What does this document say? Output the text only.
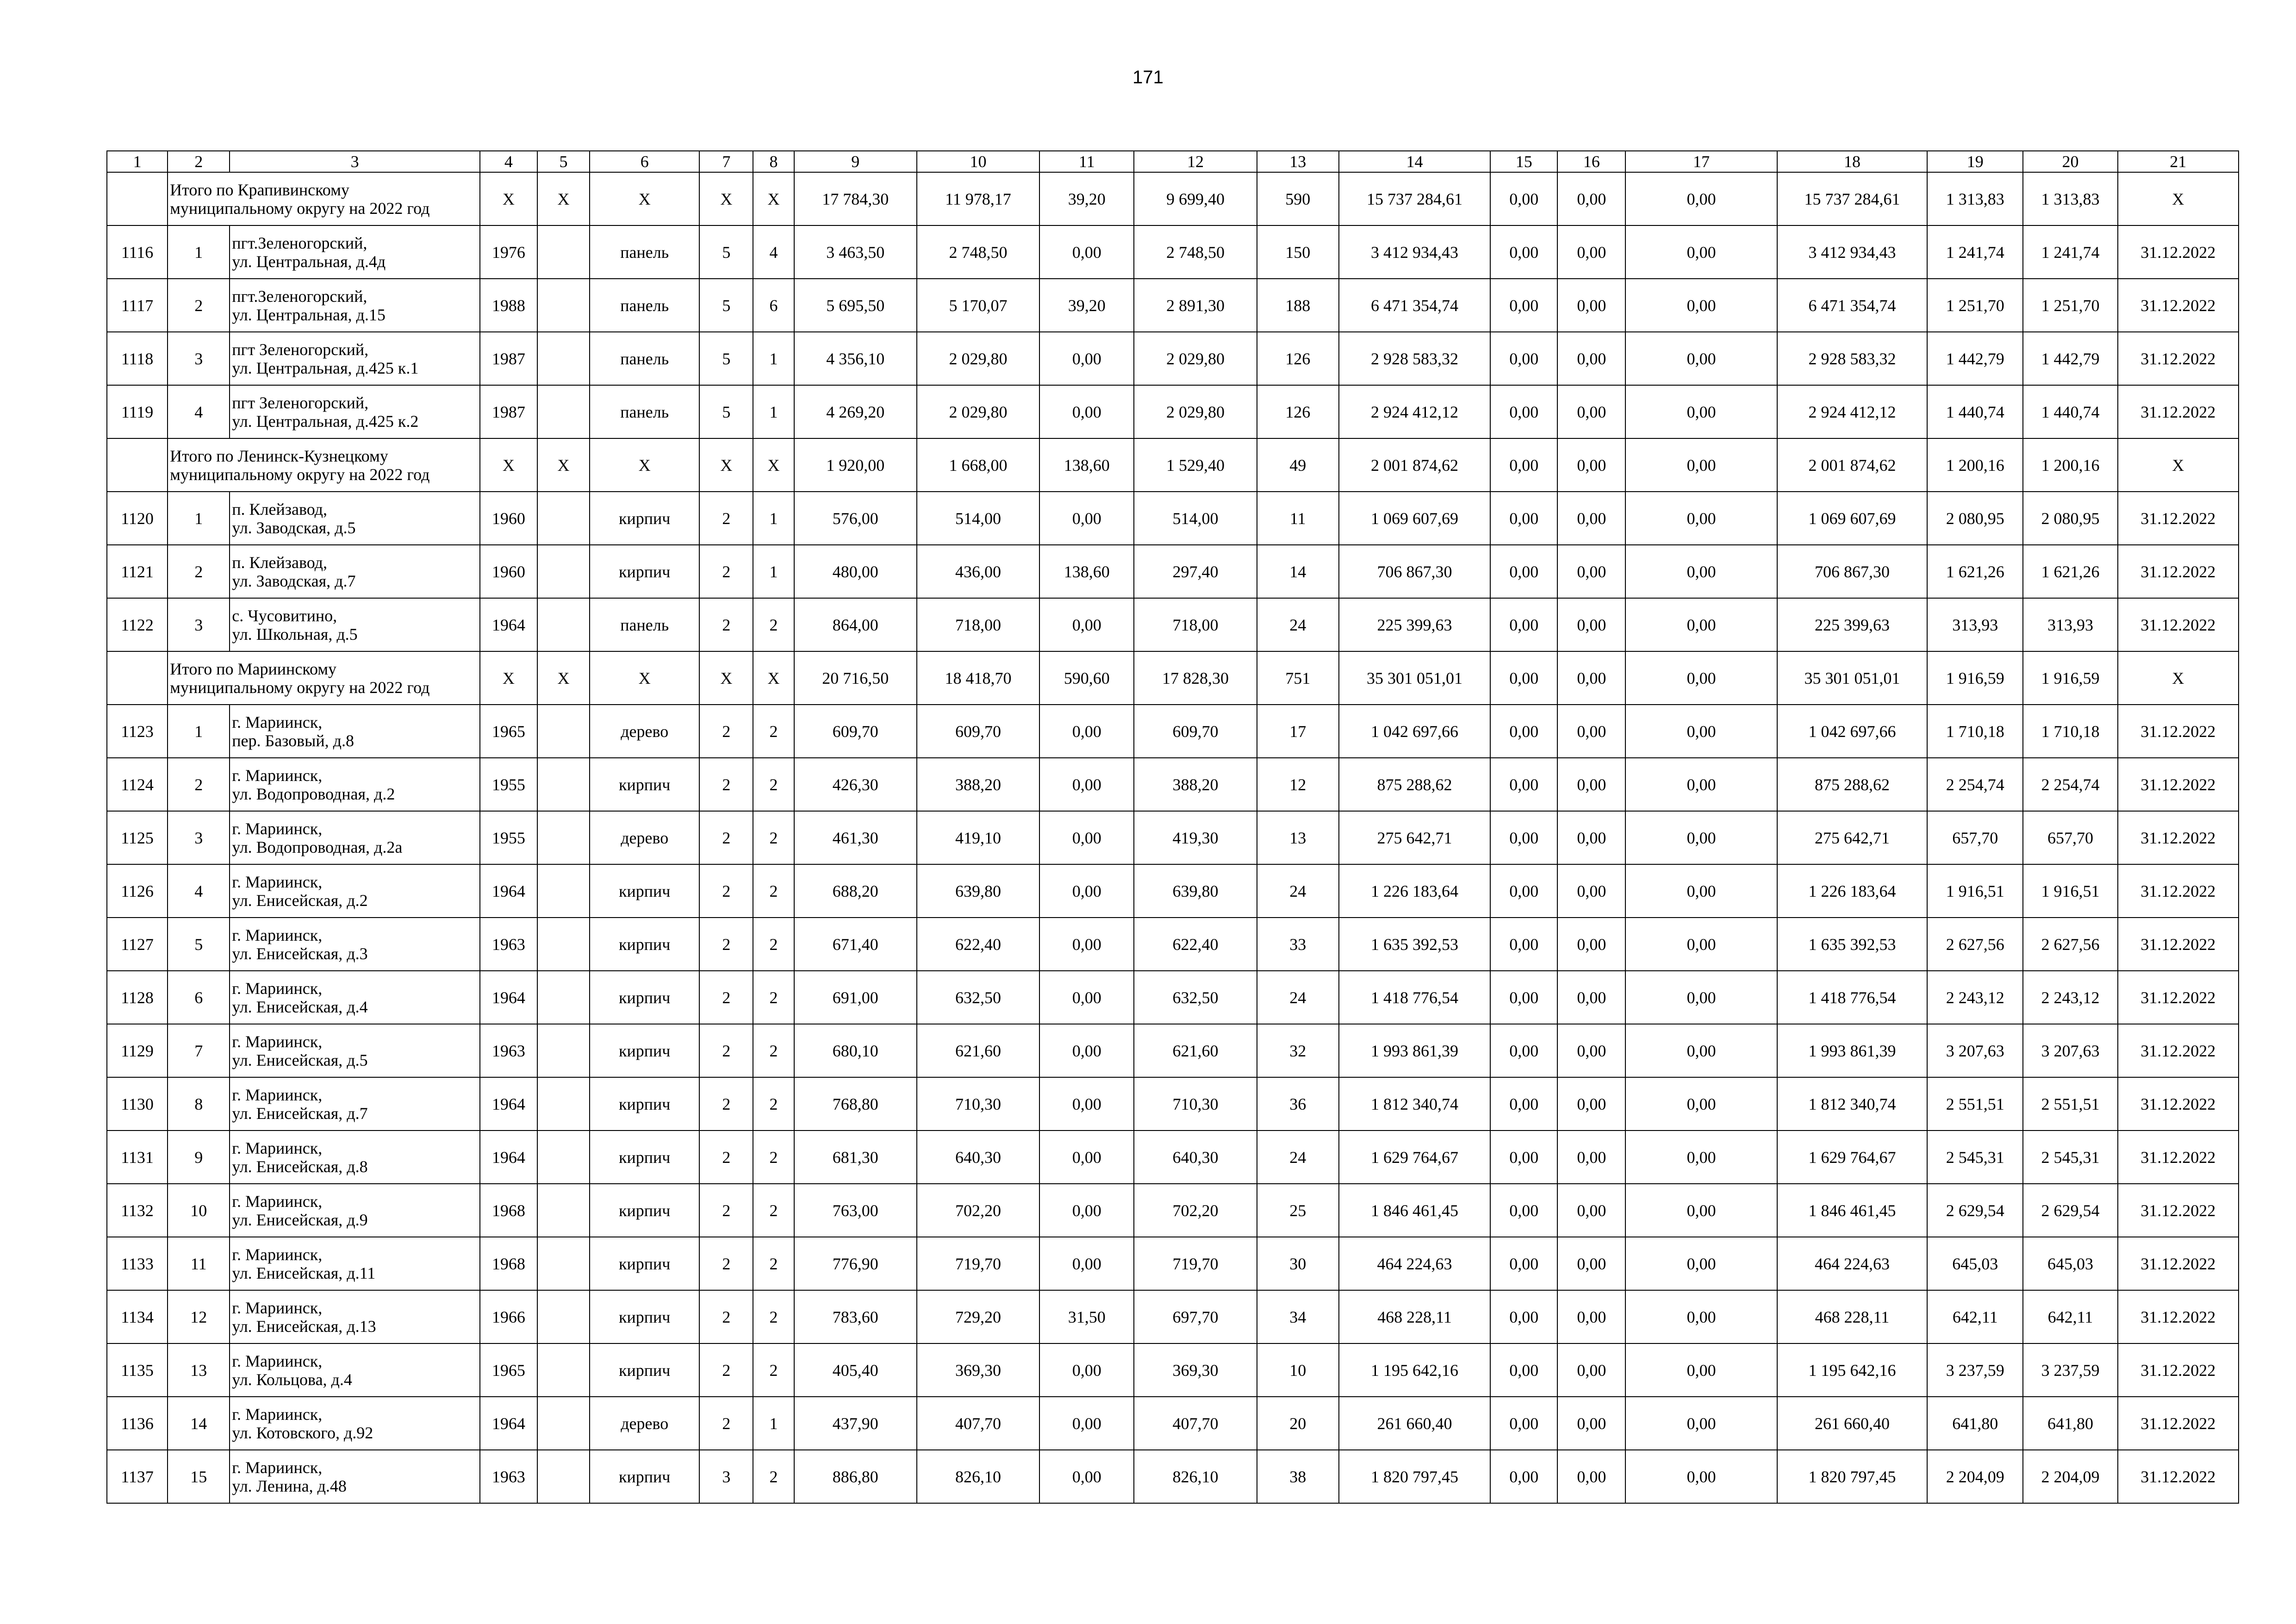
171
1	2	3	4	5	6	7	8	9	10	11	12	13	14	15	16	17	18	19	20	21

	Итого по Крапивинскому
муниципальному округу на 2022 год		X	X	X	X	X	17 784,30	11 978,17	39,20	9 699,40	590	15 737 284,61	0,00	0,00	0,00	15 737 284,61	1 313,83	1 313,83	X
1116	1	пгт.Зеленогорский,
ул. Центральная, д.4д	1976		панель	5	4	3 463,50	2 748,50	0,00	2 748,50	150	3 412 934,43	0,00	0,00	0,00	3 412 934,43	1 241,74	1 241,74	31.12.2022
1117	2	пгт.Зеленогорский,
ул. Центральная, д.15	1988		панель	5	6	5 695,50	5 170,07	39,20	2 891,30	188	6 471 354,74	0,00	0,00	0,00	6 471 354,74	1 251,70	1 251,70	31.12.2022
1118	3	пгт Зеленогорский,
ул. Центральная, д.425 к.1	1987		панель	5	1	4 356,10	2 029,80	0,00	2 029,80	126	2 928 583,32	0,00	0,00	0,00	2 928 583,32	1 442,79	1 442,79	31.12.2022
1119	4	пгт Зеленогорский,
ул. Центральная, д.425 к.2	1987		панель	5	1	4 269,20	2 029,80	0,00	2 029,80	126	2 924 412,12	0,00	0,00	0,00	2 924 412,12	1 440,74	1 440,74	31.12.2022

	Итого по Ленинск-Кузнецкому
муниципальному округу на 2022 год		X	X	X	X	X	1 920,00	1 668,00	138,60	1 529,40	49	2 001 874,62	0,00	0,00	0,00	2 001 874,62	1 200,16	1 200,16	X
1120	1	п. Клейзавод,
ул. Заводская, д.5	1960		кирпич	2	1	576,00	514,00	0,00	514,00	11	1 069 607,69	0,00	0,00	0,00	1 069 607,69	2 080,95	2 080,95	31.12.2022
1121	2	п. Клейзавод,
ул. Заводская, д.7	1960		кирпич	2	1	480,00	436,00	138,60	297,40	14	706 867,30	0,00	0,00	0,00	706 867,30	1 621,26	1 621,26	31.12.2022
1122	3	с. Чусовитино,
ул. Школьная, д.5	1964		панель	2	2	864,00	718,00	0,00	718,00	24	225 399,63	0,00	0,00	0,00	225 399,63	313,93	313,93	31.12.2022

	Итого по Мариинскому
муниципальному округу на 2022 год		X	X	X	X	X	20 716,50	18 418,70	590,60	17 828,30	751	35 301 051,01	0,00	0,00	0,00	35 301 051,01	1 916,59	1 916,59	X
1123	1	г. Мариинск,
пер. Базовый, д.8	1965		дерево	2	2	609,70	609,70	0,00	609,70	17	1 042 697,66	0,00	0,00	0,00	1 042 697,66	1 710,18	1 710,18	31.12.2022
1124	2	г. Мариинск,
ул. Водопроводная, д.2	1955		кирпич	2	2	426,30	388,20	0,00	388,20	12	875 288,62	0,00	0,00	0,00	875 288,62	2 254,74	2 254,74	31.12.2022
1125	3	г. Мариинск,
ул. Водопроводная, д.2а	1955		дерево	2	2	461,30	419,10	0,00	419,30	13	275 642,71	0,00	0,00	0,00	275 642,71	657,70	657,70	31.12.2022
1126	4	г. Мариинск,
ул. Енисейская, д.2	1964		кирпич	2	2	688,20	639,80	0,00	639,80	24	1 226 183,64	0,00	0,00	0,00	1 226 183,64	1 916,51	1 916,51	31.12.2022
1127	5	г. Мариинск,
ул. Енисейская, д.3	1963		кирпич	2	2	671,40	622,40	0,00	622,40	33	1 635 392,53	0,00	0,00	0,00	1 635 392,53	2 627,56	2 627,56	31.12.2022
1128	6	г. Мариинск,
ул. Енисейская, д.4	1964		кирпич	2	2	691,00	632,50	0,00	632,50	24	1 418 776,54	0,00	0,00	0,00	1 418 776,54	2 243,12	2 243,12	31.12.2022
1129	7	г. Мариинск,
ул. Енисейская, д.5	1963		кирпич	2	2	680,10	621,60	0,00	621,60	32	1 993 861,39	0,00	0,00	0,00	1 993 861,39	3 207,63	3 207,63	31.12.2022
1130	8	г. Мариинск,
ул. Енисейская, д.7	1964		кирпич	2	2	768,80	710,30	0,00	710,30	36	1 812 340,74	0,00	0,00	0,00	1 812 340,74	2 551,51	2 551,51	31.12.2022
1131	9	г. Мариинск,
ул. Енисейская, д.8	1964		кирпич	2	2	681,30	640,30	0,00	640,30	24	1 629 764,67	0,00	0,00	0,00	1 629 764,67	2 545,31	2 545,31	31.12.2022
1132	10	г. Мариинск,
ул. Енисейская, д.9	1968		кирпич	2	2	763,00	702,20	0,00	702,20	25	1 846 461,45	0,00	0,00	0,00	1 846 461,45	2 629,54	2 629,54	31.12.2022
1133	11	г. Мариинск,
ул. Енисейская, д.11	1968		кирпич	2	2	776,90	719,70	0,00	719,70	30	464 224,63	0,00	0,00	0,00	464 224,63	645,03	645,03	31.12.2022
1134	12	г. Мариинск,
ул. Енисейская, д.13	1966		кирпич	2	2	783,60	729,20	31,50	697,70	34	468 228,11	0,00	0,00	0,00	468 228,11	642,11	642,11	31.12.2022
1135	13	г. Мариинск,
ул. Кольцова, д.4	1965		кирпич	2	2	405,40	369,30	0,00	369,30	10	1 195 642,16	0,00	0,00	0,00	1 195 642,16	3 237,59	3 237,59	31.12.2022
1136	14	г. Мариинск,
ул. Котовского, д.92	1964		дерево	2	1	437,90	407,70	0,00	407,70	20	261 660,40	0,00	0,00	0,00	261 660,40	641,80	641,80	31.12.2022
1137	15	г. Мариинск,
ул. Ленина, д.48	1963		кирпич	3	2	886,80	826,10	0,00	826,10	38	1 820 797,45	0,00	0,00	0,00	1 820 797,45	2 204,09	2 204,09	31.12.2022
